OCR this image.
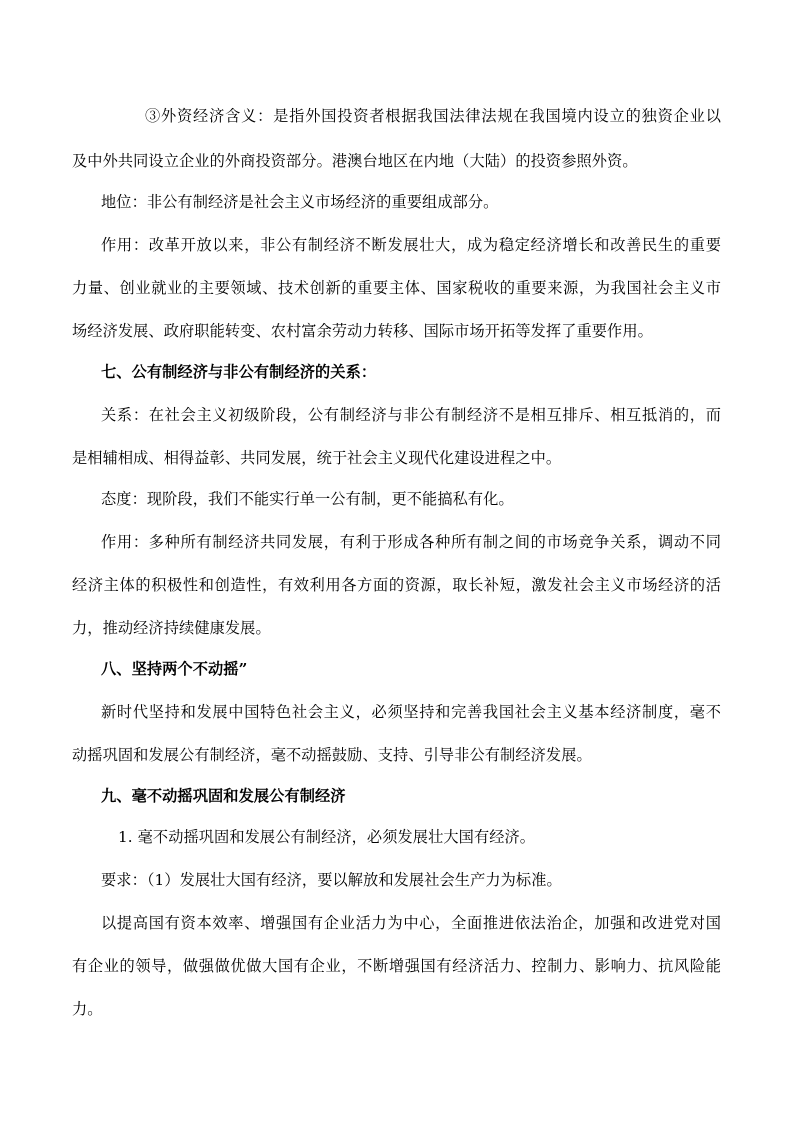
③外资经济含义：是指外国投资者根据我国法律法规在我国境内设立的独资企业以
及中外共同设立企业的外商投资部分。港澳台地区在内地（大陆）的投资参照外资。
地位：非公有制经济是社会主义市场经济的重要组成部分。
作用：改革开放以来，非公有制经济不断发展壮大，成为稳定经济增长和改善民生的重要
力量、创业就业的主要领域、技术创新的重要主体、国家税收的重要来源，为我国社会主义市
场经济发展、政府职能转变、农村富余劳动力转移、国际市场开拓等发挥了重要作用。
七、公有制经济与非公有制经济的关系：
关系：在社会主义初级阶段，公有制经济与非公有制经济不是相互排斥、相互抵消的，而
是相辅相成、相得益彰、共同发展，统于社会主义现代化建设进程之中。
态度：现阶段，我们不能实行单一公有制，更不能搞私有化。
作用：多种所有制经济共同发展，有利于形成各种所有制之间的市场竞争关系，调动不同
经济主体的积极性和创造性，有效利用各方面的资源，取长补短，激发社会主义市场经济的活
力，推动经济持续健康发展。
八、坚持两个不动摇”
新时代坚持和发展中国特色社会主义，必须坚持和完善我国社会主义基本经济制度，毫不
动摇巩固和发展公有制经济，毫不动摇鼓励、支持、引导非公有制经济发展。
九、毫不动摇巩固和发展公有制经济
1. 毫不动摇巩固和发展公有制经济，必须发展壮大国有经济。
要求：（1）发展壮大国有经济，要以解放和发展社会生产力为标准。
以提高国有资本效率、增强国有企业活力为中心，全面推进依法治企，加强和改进党对国
有企业的领导，做强做优做大国有企业，不断增强国有经济活力、控制力、影响力、抗风险能
力。
